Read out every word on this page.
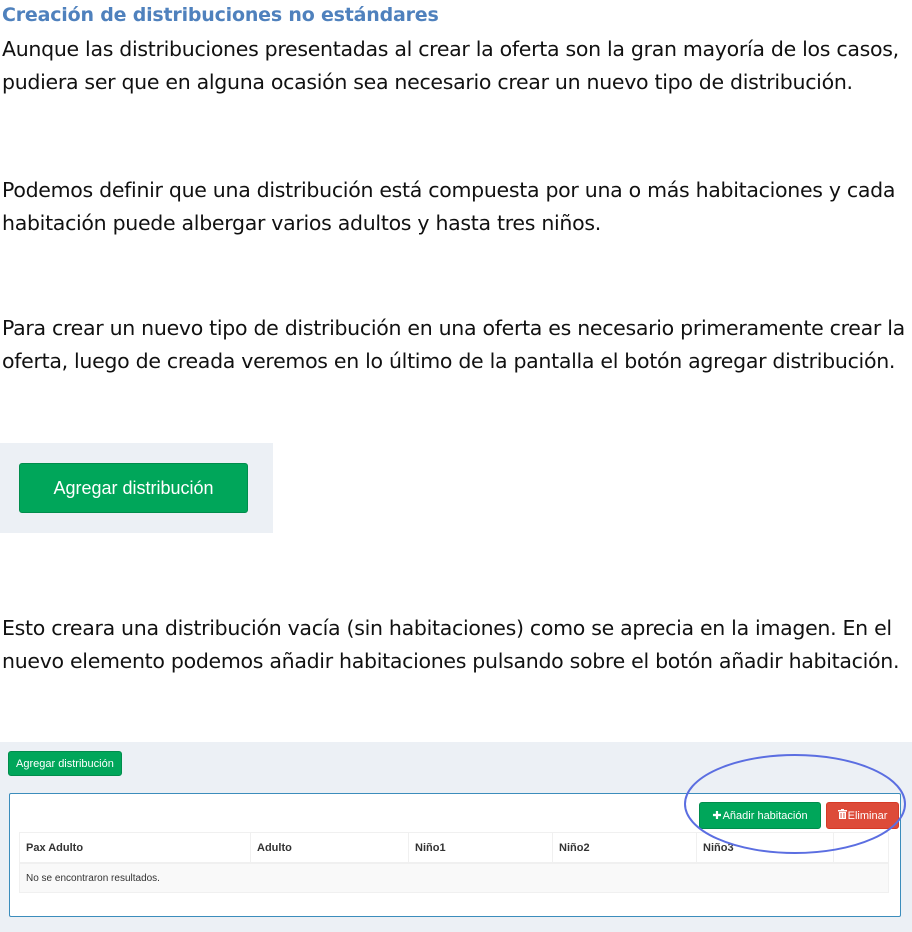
Creación de distribuciones no estándares
Aunque las distribuciones presentadas al crear la oferta son la gran mayoría de los casos, pudiera ser que en alguna ocasión sea necesario crear un nuevo tipo de distribución.
Podemos definir que una distribución está compuesta por una o más habitaciones y cada habitación puede albergar varios adultos y hasta tres niños.
Para crear un nuevo tipo de distribución en una oferta es necesario primeramente crear la oferta, luego de creada veremos en lo último de la pantalla el botón agregar distribución.
Agregar distribución
Esto creara una distribución vacía (sin habitaciones) como se aprecia en la imagen. En el nuevo elemento podemos añadir habitaciones pulsando sobre el botón añadir habitación.
Agregar distribución
✚Añadir habitación	Eliminar
Pax Adulto	Adulto	Niño1	Niño2	Niño3	
No se encontraron resultados.
